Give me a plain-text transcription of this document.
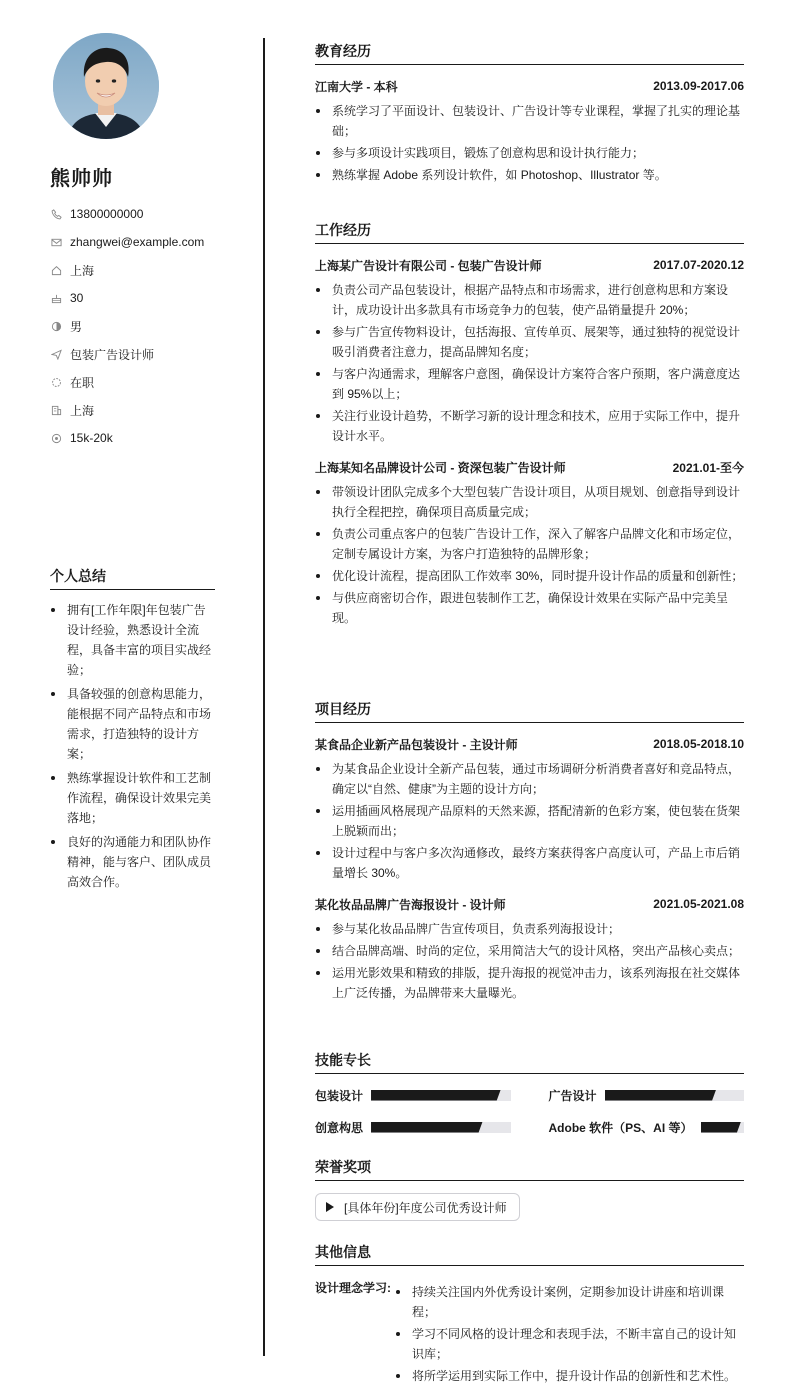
熊帅帅
13800000000
zhangwei@example.com
上海
30
男
包装广告设计师
在职
上海
15k-20k
个人总结
拥有[工作年限]年包装广告设计经验，熟悉设计全流程，具备丰富的项目实战经验；
具备较强的创意构思能力，能根据不同产品特点和市场需求，打造独特的设计方案；
熟练掌握设计软件和工艺制作流程，确保设计效果完美落地；
良好的沟通能力和团队协作精神，能与客户、团队成员高效合作。
教育经历
江南大学 - 本科	2013.09-2017.06
系统学习了平面设计、包装设计、广告设计等专业课程，掌握了扎实的理论基础；
参与多项设计实践项目，锻炼了创意构思和设计执行能力；
熟练掌握 Adobe 系列设计软件，如 Photoshop、Illustrator 等。
工作经历
上海某广告设计有限公司 - 包装广告设计师	2017.07-2020.12
负责公司产品包装设计，根据产品特点和市场需求，进行创意构思和方案设计，成功设计出多款具有市场竞争力的包装，使产品销量提升 20%；
参与广告宣传物料设计，包括海报、宣传单页、展架等，通过独特的视觉设计吸引消费者注意力，提高品牌知名度；
与客户沟通需求，理解客户意图，确保设计方案符合客户预期，客户满意度达到 95%以上；
关注行业设计趋势，不断学习新的设计理念和技术，应用于实际工作中，提升设计水平。
上海某知名品牌设计公司 - 资深包装广告设计师	2021.01-至今
带领设计团队完成多个大型包装广告设计项目，从项目规划、创意指导到设计执行全程把控，确保项目高质量完成；
负责公司重点客户的包装广告设计工作，深入了解客户品牌文化和市场定位，定制专属设计方案，为客户打造独特的品牌形象；
优化设计流程，提高团队工作效率 30%，同时提升设计作品的质量和创新性；
与供应商密切合作，跟进包装制作工艺，确保设计效果在实际产品中完美呈现。
项目经历
某食品企业新产品包装设计 - 主设计师	2018.05-2018.10
为某食品企业设计全新产品包装，通过市场调研分析消费者喜好和竞品特点，确定以“自然、健康”为主题的设计方向；
运用插画风格展现产品原料的天然来源，搭配清新的色彩方案，使包装在货架上脱颖而出；
设计过程中与客户多次沟通修改，最终方案获得客户高度认可，产品上市后销量增长 30%。
某化妆品品牌广告海报设计 - 设计师	2021.05-2021.08
参与某化妆品品牌广告宣传项目，负责系列海报设计；
结合品牌高端、时尚的定位，采用简洁大气的设计风格，突出产品核心卖点；
运用光影效果和精致的排版，提升海报的视觉冲击力，该系列海报在社交媒体上广泛传播，为品牌带来大量曝光。
技能专长
包装设计	广告设计
创意构思	Adobe 软件（PS、AI 等）
荣誉奖项
[具体年份]年度公司优秀设计师
其他信息
设计理念学习:	持续关注国内外优秀设计案例，定期参加设计讲座和培训课程；
学习不同风格的设计理念和表现手法，不断丰富自己的设计知识库；
将所学运用到实际工作中，提升设计作品的创新性和艺术性。
